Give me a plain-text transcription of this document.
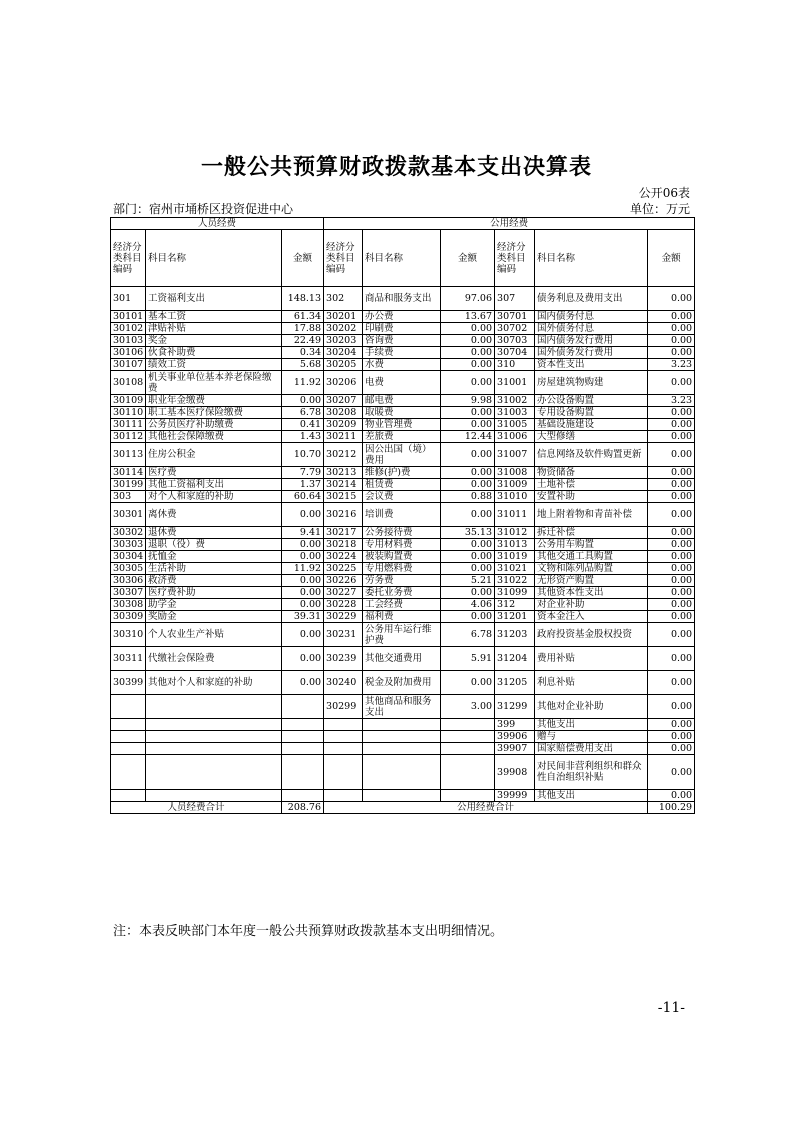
一般公共预算财政拨款基本支出决算表
公开06表
部门：宿州市埇桥区投资促进中心	单位：万元
人员经费			公用经费					
经济分类科目编码	科目名称	金额	经济分类科目编码	科目名称	金额	经济分类科目编码	科目名称	金额
301	工资福利支出	148.13	302	商品和服务支出	97.06	307	债务利息及费用支出	0.00
30101	基本工资	61.34	30201	办公费	13.67	30701	国内债务付息	0.00
30102	津贴补贴	17.88	30202	印刷费	0.00	30702	国外债务付息	0.00
30103	奖金	22.49	30203	咨询费	0.00	30703	国内债务发行费用	0.00
30106	伙食补助费	0.34	30204	手续费	0.00	30704	国外债务发行费用	0.00
30107	绩效工资	5.68	30205	水费	0.00	310	资本性支出	3.23
30108	机关事业单位基本养老保险缴费	11.92	30206	电费	0.00	31001	房屋建筑物购建	0.00
30109	职业年金缴费	0.00	30207	邮电费	9.98	31002	办公设备购置	3.23
30110	职工基本医疗保险缴费	6.78	30208	取暖费	0.00	31003	专用设备购置	0.00
30111	公务员医疗补助缴费	0.41	30209	物业管理费	0.00	31005	基础设施建设	0.00
30112	其他社会保障缴费	1.43	30211	差旅费	12.44	31006	大型修缮	0.00
30113	住房公积金	10.70	30212	因公出国（境）费用	0.00	31007	信息网络及软件购置更新	0.00
30114	医疗费	7.79	30213	维修(护)费	0.00	31008	物资储备	0.00
30199	其他工资福利支出	1.37	30214	租赁费	0.00	31009	土地补偿	0.00
303	对个人和家庭的补助	60.64	30215	会议费	0.88	31010	安置补助	0.00
30301	离休费	0.00	30216	培训费	0.00	31011	地上附着物和青苗补偿	0.00
30302	退休费	9.41	30217	公务接待费	35.13	31012	拆迁补偿	0.00
30303	退职（役）费	0.00	30218	专用材料费	0.00	31013	公务用车购置	0.00
30304	抚恤金	0.00	30224	被装购置费	0.00	31019	其他交通工具购置	0.00
30305	生活补助	11.92	30225	专用燃料费	0.00	31021	文物和陈列品购置	0.00
30306	救济费	0.00	30226	劳务费	5.21	31022	无形资产购置	0.00
30307	医疗费补助	0.00	30227	委托业务费	0.00	31099	其他资本性支出	0.00
30308	助学金	0.00	30228	工会经费	4.06	312	对企业补助	0.00
30309	奖励金	39.31	30229	福利费	0.00	31201	资本金注入	0.00
30310	个人农业生产补贴	0.00	30231	公务用车运行维护费	6.78	31203	政府投资基金股权投资	0.00
30311	代缴社会保险费	0.00	30239	其他交通费用	5.91	31204	费用补贴	0.00
30399	其他对个人和家庭的补助	0.00	30240	税金及附加费用	0.00	31205	利息补贴	0.00
			30299	其他商品和服务支出	3.00	31299	其他对企业补助	0.00
						399	其他支出	0.00
						39906	赠与	0.00
						39907	国家赔偿费用支出	0.00
						39908	对民间非营利组织和群众性自治组织补贴	0.00
						39999	其他支出	0.00
人员经费合计		208.76	公用经费合计					100.29
注：本表反映部门本年度一般公共预算财政拨款基本支出明细情况。
-11-
